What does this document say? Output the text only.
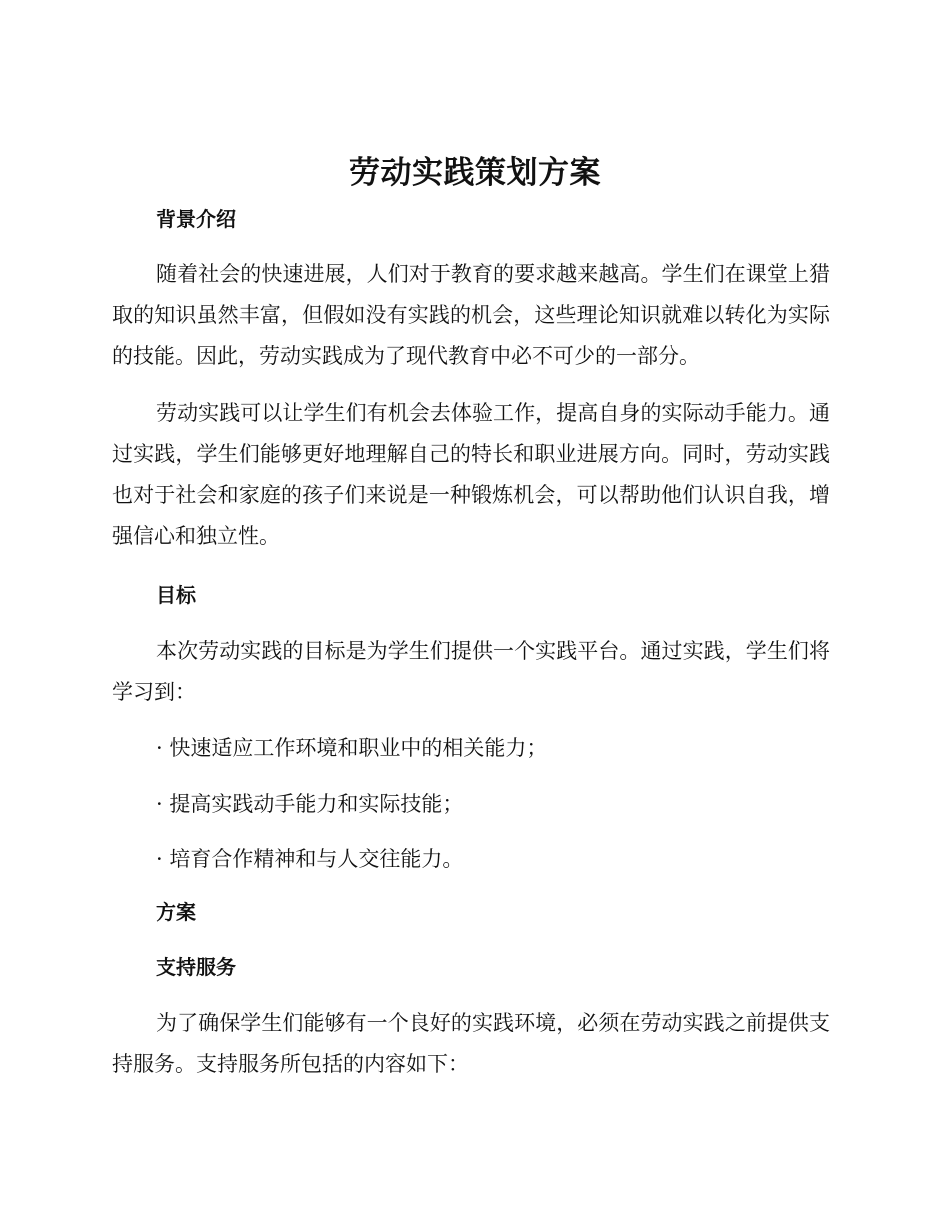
劳动实践策划方案
背景介绍
随着社会的快速进展，人们对于教育的要求越来越高。学生们在课堂上猎取的知识虽然丰富，但假如没有实践的机会，这些理论知识就难以转化为实际的技能。因此，劳动实践成为了现代教育中必不可少的一部分。
劳动实践可以让学生们有机会去体验工作，提高自身的实际动手能力。通过实践，学生们能够更好地理解自己的特长和职业进展方向。同时，劳动实践也对于社会和家庭的孩子们来说是一种锻炼机会，可以帮助他们认识自我，增强信心和独立性。
目标
本次劳动实践的目标是为学生们提供一个实践平台。通过实践，学生们将学习到：
· 快速适应工作环境和职业中的相关能力；
· 提高实践动手能力和实际技能；
· 培育合作精神和与人交往能力。
方案
支持服务
为了确保学生们能够有一个良好的实践环境，必须在劳动实践之前提供支持服务。支持服务所包括的内容如下：
